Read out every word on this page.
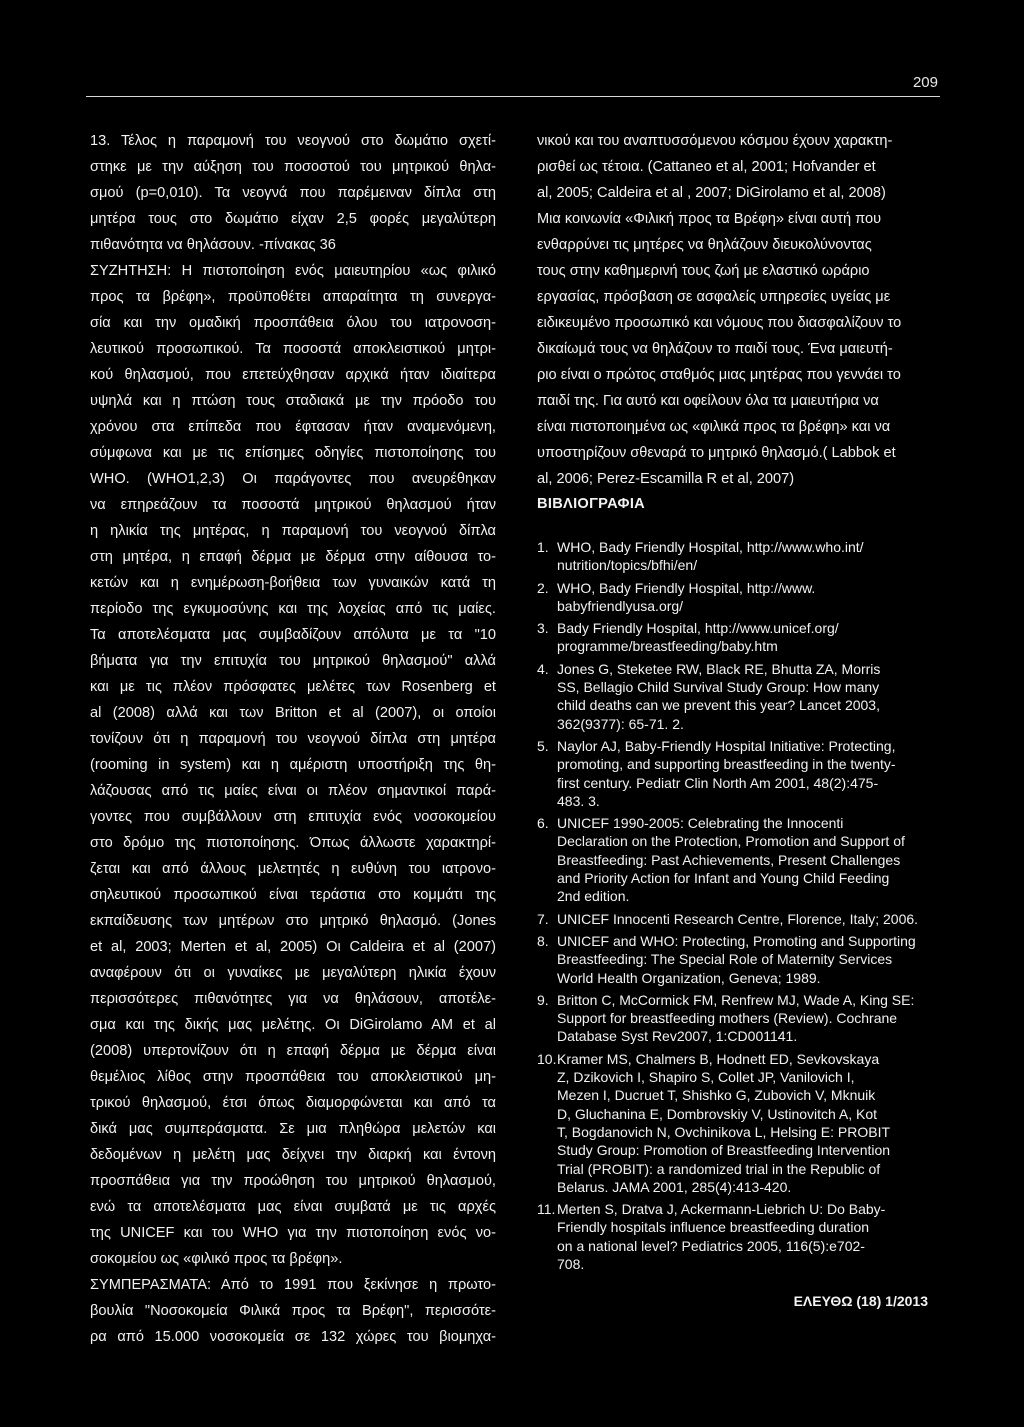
209
13. Τέλος η παραμονή του νεογνού στο δωμάτιο σχετί-
στηκε με την αύξηση του ποσοστού του μητρικού θηλα-
σμού (p=0,010). Τα νεογνά που παρέμειναν δίπλα στη
μητέρα τους στο δωμάτιο είχαν 2,5 φορές μεγαλύτερη
πιθανότητα να θηλάσουν. -πίνακας 36
ΣΥΖΗΤΗΣΗ: Η πιστοποίηση ενός μαιευτηρίου «ως φιλικό
προς τα βρέφη», προϋποθέτει απαραίτητα τη συνεργα-
σία και την ομαδική προσπάθεια όλου του ιατρονοση-
λευτικού προσωπικού. Τα ποσοστά αποκλειστικού μητρι-
κού θηλασμού, που επετεύχθησαν αρχικά ήταν ιδιαίτερα
υψηλά και η πτώση τους σταδιακά με την πρόοδο του
χρόνου στα επίπεδα που έφτασαν ήταν αναμενόμενη,
σύμφωνα και με τις επίσημες οδηγίες πιστοποίησης του
WHO. (WHO1,2,3) Οι παράγοντες που ανευρέθηκαν
να επηρεάζουν τα ποσοστά μητρικού θηλασμού ήταν
η ηλικία της μητέρας, η παραμονή του νεογνού δίπλα
στη μητέρα, η επαφή δέρμα με δέρμα στην αίθουσα το-
κετών και η ενημέρωση-βοήθεια των γυναικών κατά τη
περίοδο της εγκυμοσύνης και της λοχείας από τις μαίες.
Τα αποτελέσματα μας συμβαδίζουν απόλυτα με τα "10
βήματα για την επιτυχία του μητρικού θηλασμού" αλλά
και με τις πλέον πρόσφατες μελέτες των Rosenberg et
al (2008) αλλά και των Britton et al (2007), οι οποίοι
τονίζουν ότι η παραμονή του νεογνού δίπλα στη μητέρα
(rooming in system) και η αμέριστη υποστήριξη της θη-
λάζουσας από τις μαίες είναι οι πλέον σημαντικοί παρά-
γοντες που συμβάλλουν στη επιτυχία ενός νοσοκομείου
στο δρόμο της πιστοποίησης. Όπως άλλωστε χαρακτηρί-
ζεται και από άλλους μελετητές η ευθύνη του ιατρονο-
σηλευτικού προσωπικού είναι τεράστια στο κομμάτι της
εκπαίδευσης των μητέρων στο μητρικό θηλασμό. (Jones
et al, 2003; Merten et al, 2005) Οι Caldeira et al (2007)
αναφέρουν ότι οι γυναίκες με μεγαλύτερη ηλικία έχουν
περισσότερες πιθανότητες για να θηλάσουν, αποτέλε-
σμα και της δικής μας μελέτης. Οι DiGirolamo AM et al
(2008) υπερτονίζουν ότι η επαφή δέρμα με δέρμα είναι
θεμέλιος λίθος στην προσπάθεια του αποκλειστικού μη-
τρικού θηλασμού, έτσι όπως διαμορφώνεται και από τα
δικά μας συμπεράσματα. Σε μια πληθώρα μελετών και
δεδομένων η μελέτη μας δείχνει την διαρκή και έντονη
προσπάθεια για την προώθηση του μητρικού θηλασμού,
ενώ τα αποτελέσματα μας είναι συμβατά με τις αρχές
της UNICEF και του WHO για την πιστοποίηση ενός νο-
σοκομείου ως «φιλικό προς τα βρέφη».
ΣΥΜΠΕΡΑΣΜΑΤΑ: Από το 1991 που ξεκίνησε η πρωτο-
βουλία "Νοσοκομεία Φιλικά προς τα Βρέφη", περισσότε-
ρα από 15.000 νοσοκομεία σε 132 χώρες του βιομηχα-
νικού και του αναπτυσσόμενου κόσμου έχουν χαρακτη-
ρισθεί ως τέτοια. (Cattaneo et al, 2001; Hofvander et
al, 2005; Caldeira et al , 2007; DiGirolamo et al, 2008)
Μια κοινωνία «Φιλική προς τα Βρέφη» είναι αυτή που
ενθαρρύνει τις μητέρες να θηλάζουν διευκολύνοντας
τους στην καθημερινή τους ζωή με ελαστικό ωράριο
εργασίας, πρόσβαση σε ασφαλείς υπηρεσίες υγείας με
ειδικευμένο προσωπικό και νόμους που διασφαλίζουν το
δικαίωμά τους να θηλάζουν το παιδί τους. Ένα μαιευτή-
ριο είναι ο πρώτος σταθμός μιας μητέρας που γεννάει το
παιδί της. Για αυτό και οφείλουν όλα τα μαιευτήρια να
είναι πιστοποιημένα ως «φιλικά προς τα βρέφη» και να
υποστηρίζουν σθεναρά το μητρικό θηλασμό.( Labbok et
al, 2006; Perez-Escamilla R et al, 2007)
ΒΙΒΛΙΟΓΡΑΦΙΑ
1. WHO, Bady Friendly Hospital, http://www.who.int/
nutrition/topics/bfhi/en/
2. WHO, Bady Friendly Hospital, http://www.
babyfriendlyusa.org/
3. Bady Friendly Hospital, http://www.unicef.org/
programme/breastfeeding/baby.htm
4. Jones G, Steketee RW, Black RE, Bhutta ZA, Morris
SS, Bellagio Child Survival Study Group: How many
child deaths can we prevent this year? Lancet 2003,
362(9377): 65-71. 2.
5. Naylor AJ, Baby-Friendly Hospital Initiative: Protecting,
promoting, and supporting breastfeeding in the twenty-
first century. Pediatr Clin North Am 2001, 48(2):475-
483. 3.
6. UNICEF 1990-2005: Celebrating the Innocenti
Declaration on the Protection, Promotion and Support of
Breastfeeding: Past Achievements, Present Challenges
and Priority Action for Infant and Young Child Feeding
2nd edition.
7. UNICEF Innocenti Research Centre, Florence, Italy; 2006.
8. UNICEF and WHO: Protecting, Promoting and Supporting
Breastfeeding: The Special Role of Maternity Services
World Health Organization, Geneva; 1989.
9. Britton C, McCormick FM, Renfrew MJ, Wade A, King SE:
Support for breastfeeding mothers (Review). Cochrane
Database Syst Rev2007, 1:CD001141.
10. Kramer MS, Chalmers B, Hodnett ED, Sevkovskaya
Z, Dzikovich I, Shapiro S, Collet JP, Vanilovich I,
Mezen I, Ducruet T, Shishko G, Zubovich V, Mknuik
D, Gluchanina E, Dombrovskiy V, Ustinovitch A, Kot
T, Bogdanovich N, Ovchinikova L, Helsing E: PROBIT
Study Group: Promotion of Breastfeeding Intervention
Trial (PROBIT): a randomized trial in the Republic of
Belarus. JAMA 2001, 285(4):413-420.
11. Merten S, Dratva J, Ackermann-Liebrich U: Do Baby-
Friendly hospitals influence breastfeeding duration
on a national level? Pediatrics 2005, 116(5):e702-
708.
ΕΛΕΥΘΩ (18) 1/2013
